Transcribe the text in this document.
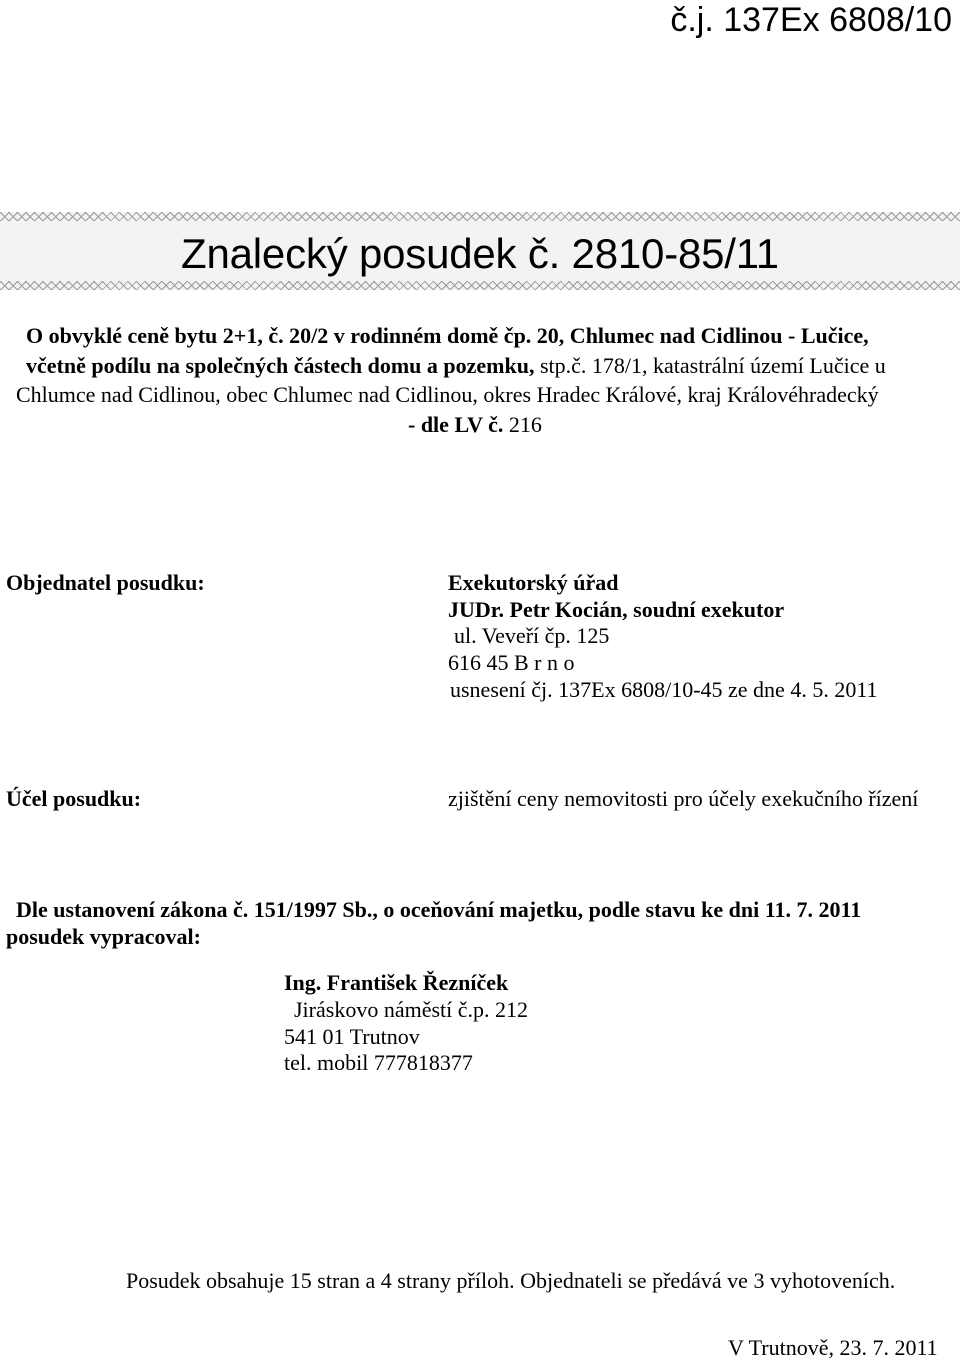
č.j. 137Ex 6808/10
Znalecký posudek č. 2810-85/11
O obvyklé ceně bytu 2+1, č. 20/2 v rodinném domě čp. 20, Chlumec nad Cidlinou - Lučice,
včetně podílu na společných částech domu a pozemku, stp.č. 178/1, katastrální území Lučice u
Chlumce nad Cidlinou, obec Chlumec nad Cidlinou, okres Hradec Králové, kraj Královéhradecký
- dle LV č. 216
Objednatel posudku:	Exekutorský úřad
JUDr. Petr Kocián, soudní exekutor
ul. Veveří čp. 125
616 45 B r n o
usnesení čj. 137Ex 6808/10-45 ze dne 4. 5. 2011
Účel posudku:	zjištění ceny nemovitosti pro účely exekučního řízení
Dle ustanovení zákona č. 151/1997 Sb., o oceňování majetku, podle stavu ke dni 11. 7. 2011
posudek vypracoval:
Ing. František Řezníček
Jiráskovo náměstí č.p. 212
541 01 Trutnov
tel. mobil 777818377
Posudek obsahuje 15 stran a 4 strany příloh. Objednateli se předává ve 3 vyhotoveních.
V Trutnově, 23. 7. 2011
